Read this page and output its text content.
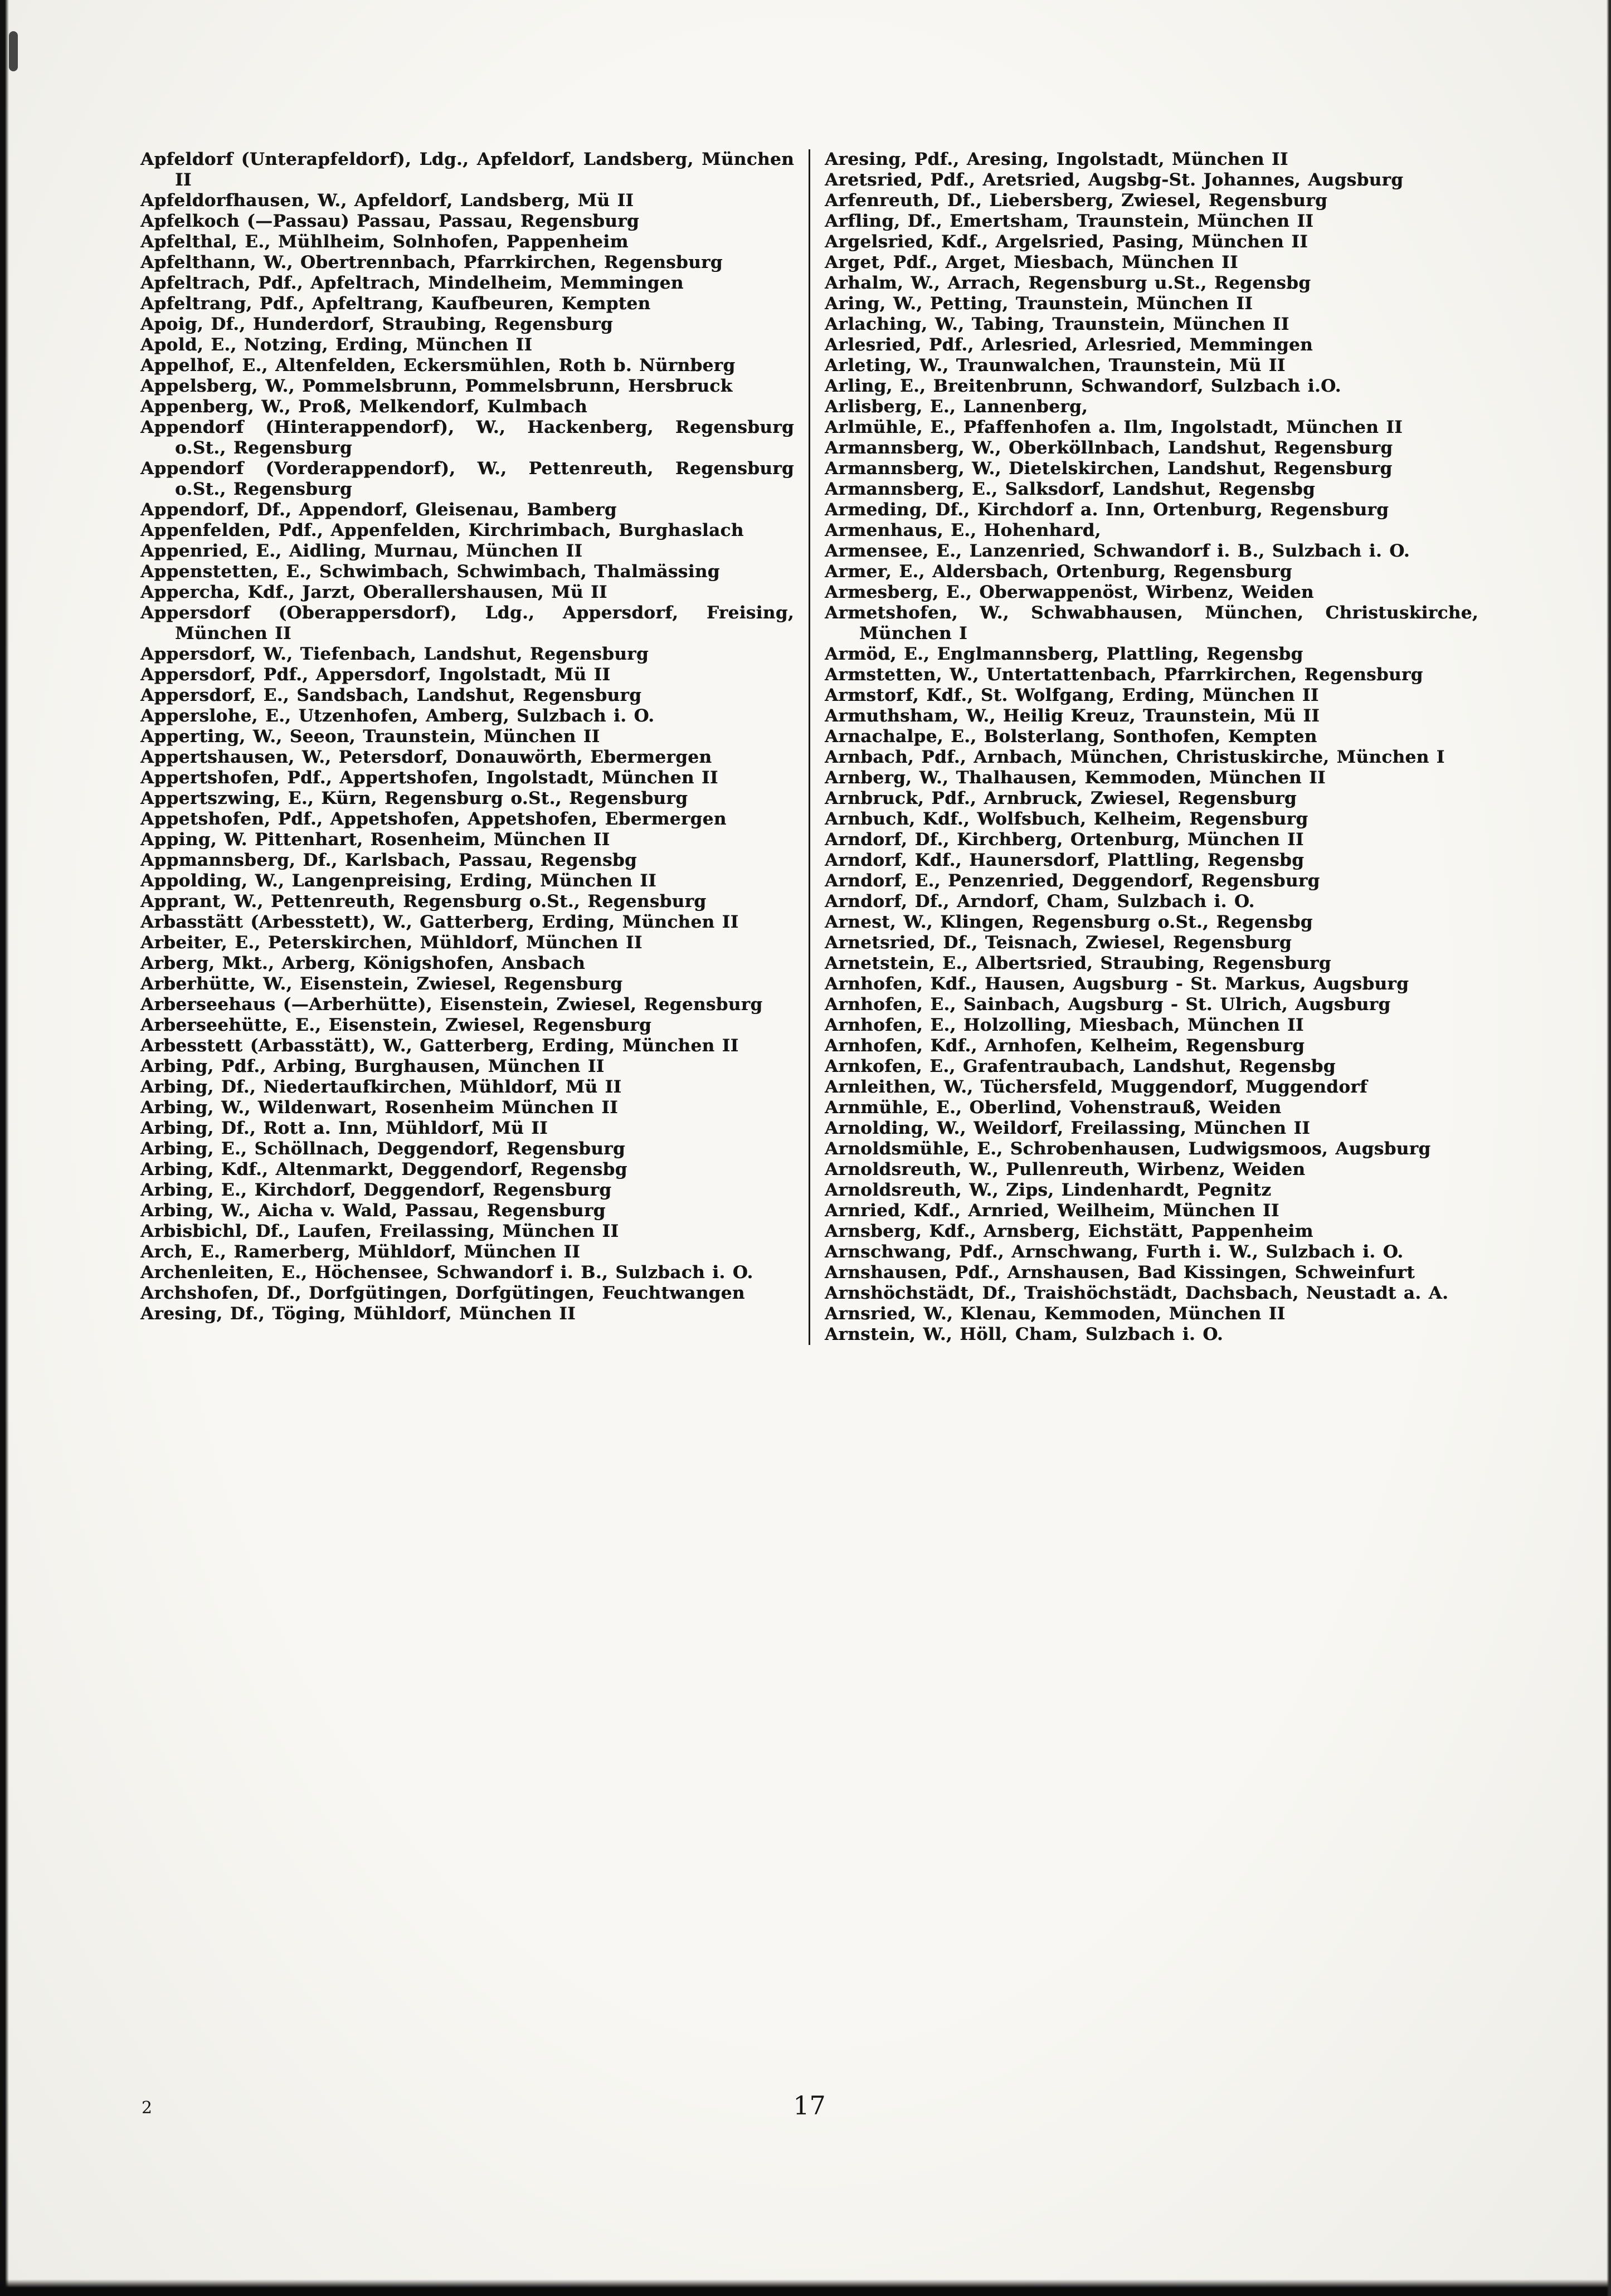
Apfeldorf (Unterapfeldorf), Ldg., Apfeldorf, Landsberg, München II

Apfeldorfhausen, W., Apfeldorf, Landsberg, Mü II

Apfelkoch (—Passau) Passau, Passau, Regensburg

Apfelthal, E., Mühlheim, Solnhofen, Pappenheim

Apfelthann, W., Obertrennbach, Pfarrkirchen, Regensburg

Apfeltrach, Pdf., Apfeltrach, Mindelheim, Memmingen

Apfeltrang, Pdf., Apfeltrang, Kaufbeuren, Kempten

Apoig, Df., Hunderdorf, Straubing, Regensburg

Apold, E., Notzing, Erding, München II

Appelhof, E., Altenfelden, Eckersmühlen, Roth b. Nürnberg

Appelsberg, W., Pommelsbrunn, Pommelsbrunn, Hersbruck

Appenberg, W., Proß, Melkendorf, Kulmbach

Appendorf (Hinterappendorf), W., Hackenberg, Regensburg o.St., Regensburg

Appendorf (Vorderappendorf), W., Pettenreuth, Regensburg o.St., Regensburg

Appendorf, Df., Appendorf, Gleisenau, Bamberg

Appenfelden, Pdf., Appenfelden, Kirchrimbach, Burghaslach

Appenried, E., Aidling, Murnau, München II

Appenstetten, E., Schwimbach, Schwimbach, Thalmässing

Appercha, Kdf., Jarzt, Oberallershausen, Mü II

Appersdorf (Oberappersdorf), Ldg., Appersdorf, Freising, München II

Appersdorf, W., Tiefenbach, Landshut, Regensburg

Appersdorf, Pdf., Appersdorf, Ingolstadt, Mü II

Appersdorf, E., Sandsbach, Landshut, Regensburg

Apperslohe, E., Utzenhofen, Amberg, Sulzbach i. O.

Apperting, W., Seeon, Traunstein, München II

Appertshausen, W., Petersdorf, Donauwörth, Ebermergen

Appertshofen, Pdf., Appertshofen, Ingolstadt, München II

Appertszwing, E., Kürn, Regensburg o.St., Regensburg

Appetshofen, Pdf., Appetshofen, Appetshofen, Ebermergen

Apping, W. Pittenhart, Rosenheim, München II

Appmannsberg, Df., Karlsbach, Passau, Regensbg

Appolding, W., Langenpreising, Erding, München II

Apprant, W., Pettenreuth, Regensburg o.St., Regensburg

Arbasstätt (Arbesstett), W., Gatterberg, Erding, München II

Arbeiter, E., Peterskirchen, Mühldorf, München II

Arberg, Mkt., Arberg, Königshofen, Ansbach

Arberhütte, W., Eisenstein, Zwiesel, Regensburg

Arberseehaus (—Arberhütte), Eisenstein, Zwiesel, Regensburg

Arberseehütte, E., Eisenstein, Zwiesel, Regensburg

Arbesstett (Arbasstätt), W., Gatterberg, Erding, München II

Arbing, Pdf., Arbing, Burghausen, München II

Arbing, Df., Niedertaufkirchen, Mühldorf, Mü II

Arbing, W., Wildenwart, Rosenheim München II

Arbing, Df., Rott a. Inn, Mühldorf, Mü II

Arbing, E., Schöllnach, Deggendorf, Regensburg

Arbing, Kdf., Altenmarkt, Deggendorf, Regensbg

Arbing, E., Kirchdorf, Deggendorf, Regensburg

Arbing, W., Aicha v. Wald, Passau, Regensburg

Arbisbichl, Df., Laufen, Freilassing, München II

Arch, E., Ramerberg, Mühldorf, München II

Archenleiten, E., Höchensee, Schwandorf i. B., Sulzbach i. O.

Archshofen, Df., Dorfgütingen, Dorfgütingen, Feuchtwangen

Aresing, Df., Töging, Mühldorf, München II

Aresing, Pdf., Aresing, Ingolstadt, München II

Aretsried, Pdf., Aretsried, Augsbg-St. Johannes, Augsburg

Arfenreuth, Df., Liebersberg, Zwiesel, Regensburg

Arfling, Df., Emertsham, Traunstein, München II

Argelsried, Kdf., Argelsried, Pasing, München II

Arget, Pdf., Arget, Miesbach, München II

Arhalm, W., Arrach, Regensburg u.St., Regensbg

Aring, W., Petting, Traunstein, München II

Arlaching, W., Tabing, Traunstein, München II

Arlesried, Pdf., Arlesried, Arlesried, Memmingen

Arleting, W., Traunwalchen, Traunstein, Mü II

Arling, E., Breitenbrunn, Schwandorf, Sulzbach i.O.

Arlisberg, E., Lannenberg,

Arlmühle, E., Pfaffenhofen a. Ilm, Ingolstadt, München II

Armannsberg, W., Oberköllnbach, Landshut, Regensburg

Armannsberg, W., Dietelskirchen, Landshut, Regensburg

Armannsberg, E., Salksdorf, Landshut, Regensbg

Armeding, Df., Kirchdorf a. Inn, Ortenburg, Regensburg

Armenhaus, E., Hohenhard,

Armensee, E., Lanzenried, Schwandorf i. B., Sulzbach i. O.

Armer, E., Aldersbach, Ortenburg, Regensburg

Armesberg, E., Oberwappenöst, Wirbenz, Weiden

Armetshofen, W., Schwabhausen, München, Christuskirche, München I

Armöd, E., Englmannsberg, Plattling, Regensbg

Armstetten, W., Untertattenbach, Pfarrkirchen, Regensburg

Armstorf, Kdf., St. Wolfgang, Erding, München II

Armuthsham, W., Heilig Kreuz, Traunstein, Mü II

Arnachalpe, E., Bolsterlang, Sonthofen, Kempten

Arnbach, Pdf., Arnbach, München, Christuskirche, München I

Arnberg, W., Thalhausen, Kemmoden, München II

Arnbruck, Pdf., Arnbruck, Zwiesel, Regensburg

Arnbuch, Kdf., Wolfsbuch, Kelheim, Regensburg

Arndorf, Df., Kirchberg, Ortenburg, München II

Arndorf, Kdf., Haunersdorf, Plattling, Regensbg

Arndorf, E., Penzenried, Deggendorf, Regensburg

Arndorf, Df., Arndorf, Cham, Sulzbach i. O.

Arnest, W., Klingen, Regensburg o.St., Regensbg

Arnetsried, Df., Teisnach, Zwiesel, Regensburg

Arnetstein, E., Albertsried, Straubing, Regensburg

Arnhofen, Kdf., Hausen, Augsburg - St. Markus, Augsburg

Arnhofen, E., Sainbach, Augsburg - St. Ulrich, Augsburg

Arnhofen, E., Holzolling, Miesbach, München II

Arnhofen, Kdf., Arnhofen, Kelheim, Regensburg

Arnkofen, E., Grafentraubach, Landshut, Regensbg

Arnleithen, W., Tüchersfeld, Muggendorf, Muggendorf

Arnmühle, E., Oberlind, Vohenstrauß, Weiden

Arnolding, W., Weildorf, Freilassing, München II

Arnoldsmühle, E., Schrobenhausen, Ludwigsmoos, Augsburg

Arnoldsreuth, W., Pullenreuth, Wirbenz, Weiden

Arnoldsreuth, W., Zips, Lindenhardt, Pegnitz

Arnried, Kdf., Arnried, Weilheim, München II

Arnsberg, Kdf., Arnsberg, Eichstätt, Pappenheim

Arnschwang, Pdf., Arnschwang, Furth i. W., Sulzbach i. O.

Arnshausen, Pdf., Arnshausen, Bad Kissingen, Schweinfurt

Arnshöchstädt, Df., Traishöchstädt, Dachsbach, Neustadt a. A.

Arnsried, W., Klenau, Kemmoden, München II

Arnstein, W., Höll, Cham, Sulzbach i. O.

2	17
